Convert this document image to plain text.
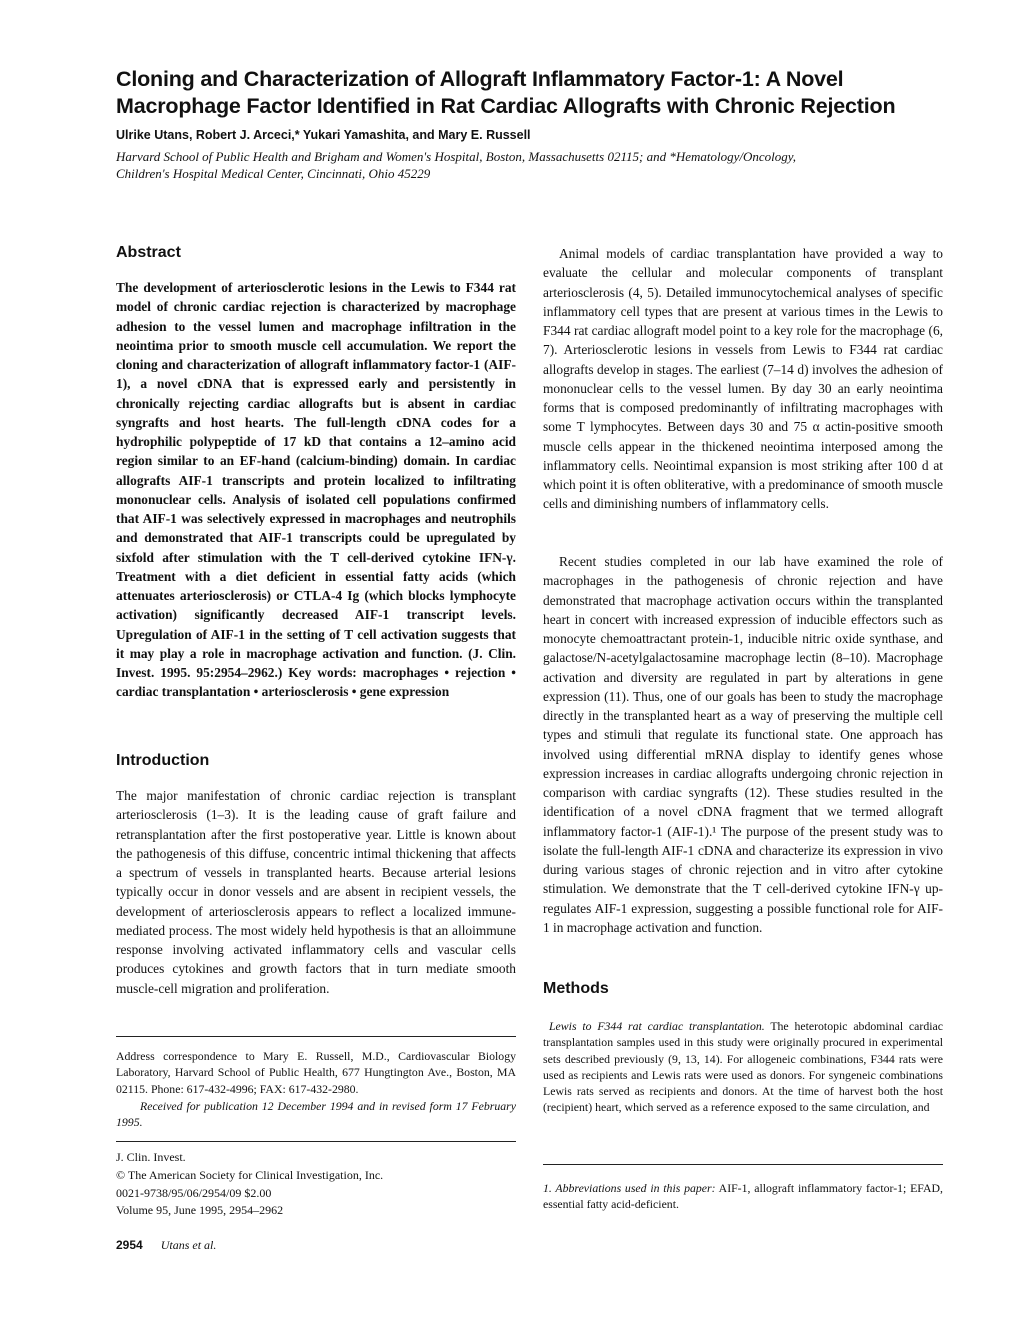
Cloning and Characterization of Allograft Inflammatory Factor-1: A Novel
Macrophage Factor Identified in Rat Cardiac Allografts with Chronic Rejection
Ulrike Utans, Robert J. Arceci,* Yukari Yamashita, and Mary E. Russell
Harvard School of Public Health and Brigham and Women's Hospital, Boston, Massachusetts 02115; and *Hematology/Oncology,
Children's Hospital Medical Center, Cincinnati, Ohio 45229
Abstract

The development of arteriosclerotic lesions in the Lewis to F344 rat model of chronic cardiac rejection is characterized by macrophage adhesion to the vessel lumen and macrophage infiltration in the neointima prior to smooth muscle cell accumulation. We report the cloning and characterization of allograft inflammatory factor-1 (AIF-1), a novel cDNA that is expressed early and persistently in chronically rejecting cardiac allografts but is absent in cardiac syngrafts and host hearts. The full-length cDNA codes for a hydrophilic polypeptide of 17 kD that contains a 12–amino acid region similar to an EF-hand (calcium-binding) domain. In cardiac allografts AIF-1 transcripts and protein localized to infiltrating mononuclear cells. Analysis of isolated cell populations confirmed that AIF-1 was selectively expressed in macrophages and neutrophils and demonstrated that AIF-1 transcripts could be upregulated by sixfold after stimulation with the T cell-derived cytokine IFN-γ. Treatment with a diet deficient in essential fatty acids (which attenuates arteriosclerosis) or CTLA-4 Ig (which blocks lymphocyte activation) significantly decreased AIF-1 transcript levels. Upregulation of AIF-1 in the setting of T cell activation suggests that it may play a role in macrophage activation and function. (J. Clin. Invest. 1995. 95:2954–2962.) Key words: macrophages • rejection • cardiac transplantation • arteriosclerosis • gene expression

Introduction

The major manifestation of chronic cardiac rejection is transplant arteriosclerosis (1–3). It is the leading cause of graft failure and retransplantation after the first postoperative year. Little is known about the pathogenesis of this diffuse, concentric intimal thickening that affects a spectrum of vessels in transplanted hearts. Because arterial lesions typically occur in donor vessels and are absent in recipient vessels, the development of arteriosclerosis appears to reflect a localized immune-mediated process. The most widely held hypothesis is that an alloimmune response involving activated inflammatory cells and vascular cells produces cytokines and growth factors that in turn mediate smooth muscle-cell migration and proliferation.

Address correspondence to Mary E. Russell, M.D., Cardiovascular Biology Laboratory, Harvard School of Public Health, 677 Hungtington Ave., Boston, MA 02115. Phone: 617-432-4996; FAX: 617-432-2980.

Received for publication 12 December 1994 and in revised form 17 February 1995.

J. Clin. Invest.
© The American Society for Clinical Investigation, Inc.
0021-9738/95/06/2954/09 $2.00
Volume 95, June 1995, 2954–2962
2954 Utans et al.

Animal models of cardiac transplantation have provided a way to evaluate the cellular and molecular components of transplant arteriosclerosis (4, 5). Detailed immunocytochemical analyses of specific inflammatory cell types that are present at various times in the Lewis to F344 rat cardiac allograft model point to a key role for the macrophage (6, 7). Arteriosclerotic lesions in vessels from Lewis to F344 rat cardiac allografts develop in stages. The earliest (7–14 d) involves the adhesion of mononuclear cells to the vessel lumen. By day 30 an early neointima forms that is composed predominantly of infiltrating macrophages with some T lymphocytes. Between days 30 and 75 α actin-positive smooth muscle cells appear in the thickened neointima interposed among the inflammatory cells. Neointimal expansion is most striking after 100 d at which point it is often obliterative, with a predominance of smooth muscle cells and diminishing numbers of inflammatory cells.

Recent studies completed in our lab have examined the role of macrophages in the pathogenesis of chronic rejection and have demonstrated that macrophage activation occurs within the transplanted heart in concert with increased expression of inducible effectors such as monocyte chemoattractant protein-1, inducible nitric oxide synthase, and galactose/N-acetylgalactosamine macrophage lectin (8–10). Macrophage activation and diversity are regulated in part by alterations in gene expression (11). Thus, one of our goals has been to study the macrophage directly in the transplanted heart as a way of preserving the multiple cell types and stimuli that regulate its functional state. One approach has involved using differential mRNA display to identify genes whose expression increases in cardiac allografts undergoing chronic rejection in comparison with cardiac syngrafts (12). These studies resulted in the identification of a novel cDNA fragment that we termed allograft inflammatory factor-1 (AIF-1).¹ The purpose of the present study was to isolate the full-length AIF-1 cDNA and characterize its expression in vivo during various stages of chronic rejection and in vitro after cytokine stimulation. We demonstrate that the T cell-derived cytokine IFN-γ up-regulates AIF-1 expression, suggesting a possible functional role for AIF-1 in macrophage activation and function.

Methods

Lewis to F344 rat cardiac transplantation. The heterotopic abdominal cardiac transplantation samples used in this study were originally procured in experimental sets described previously (9, 13, 14). For allogeneic combinations, F344 rats were used as recipients and Lewis rats were used as donors. For syngeneic combinations Lewis rats served as recipients and donors. At the time of harvest both the host (recipient) heart, which served as a reference exposed to the same circulation, and

1. Abbreviations used in this paper: AIF-1, allograft inflammatory factor-1; EFAD, essential fatty acid-deficient.
